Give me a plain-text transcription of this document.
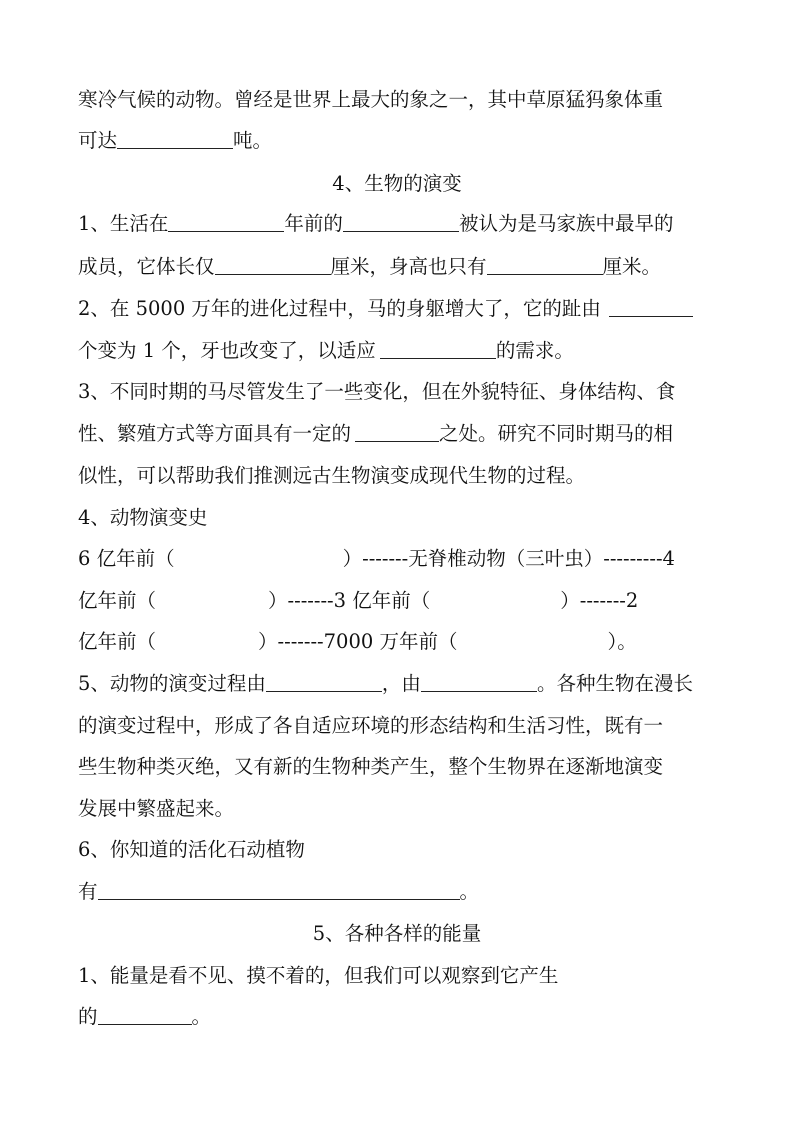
寒冷气候的动物。曾经是世界上最大的象之一，其中草原猛犸象体重
可达	吨。
4、生物的演变
1、生活在	年前的	被认为是马家族中最早的
成员，它体长仅	厘米，身高也只有	厘米。
2、在 5000 万年的进化过程中，马的身躯增大了，它的趾由
个变为 1 个，牙也改变了，以适应	的需求。
3、不同时期的马尽管发生了一些变化，但在外貌特征、身体结构、食
性、繁殖方式等方面具有一定的	之处。研究不同时期马的相
似性，可以帮助我们推测远古生物演变成现代生物的过程。
4、动物演变史
6 亿年前（	）-------无脊椎动物（三叶虫）---------4
亿年前（	）-------3 亿年前（	）-------2
亿年前（	）-------7000 万年前（	）。
5、动物的演变过程由	，由	。各种生物在漫长
的演变过程中，形成了各自适应环境的形态结构和生活习性，既有一
些生物种类灭绝，又有新的生物种类产生，整个生物界在逐渐地演变
发展中繁盛起来。
6、你知道的活化石动植物
有	。
5、各种各样的能量
1、能量是看不见、摸不着的，但我们可以观察到它产生
的	。
